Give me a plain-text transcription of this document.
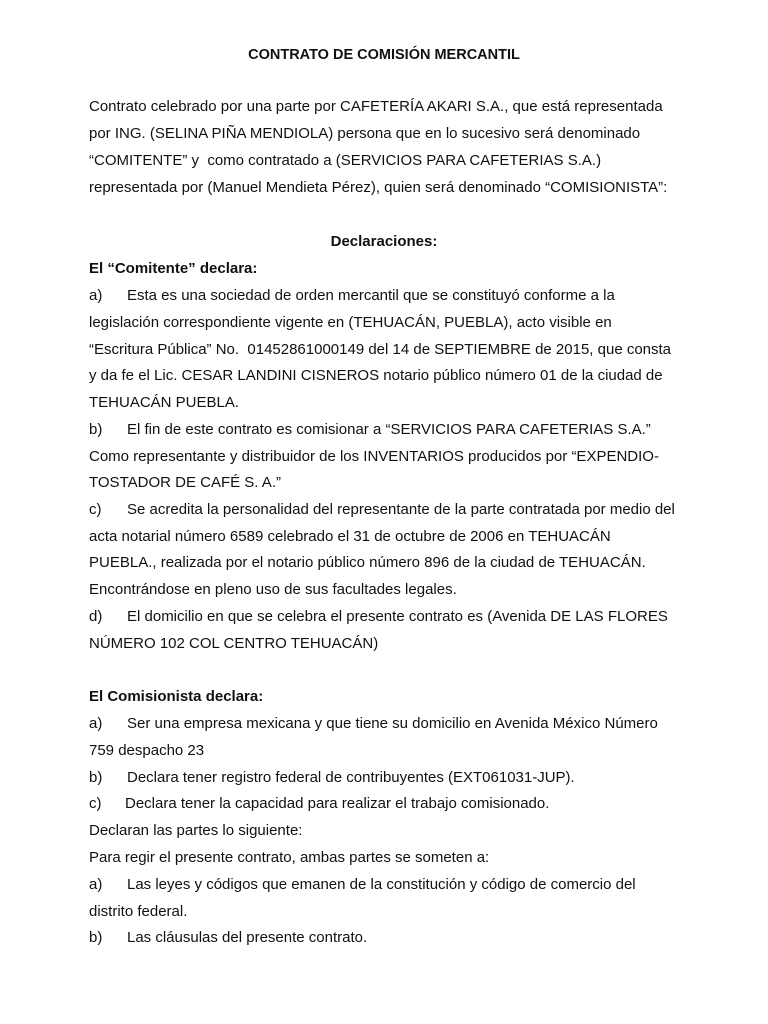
CONTRATO DE COMISIÓN MERCANTIL
Contrato celebrado por una parte por CAFETERÍA AKARI S.A., que está representada
por ING. (SELINA PIÑA MENDIOLA) persona que en lo sucesivo será denominado
“COMITENTE” y  como contratado a (SERVICIOS PARA CAFETERIAS S.A.)
representada por (Manuel Mendieta Pérez), quien será denominado “COMISIONISTA”:
Declaraciones:
El “Comitente” declara:
a) Esta es una sociedad de orden mercantil que se constituyó conforme a la
legislación correspondiente vigente en (TEHUACÁN, PUEBLA), acto visible en
“Escritura Pública” No.  01452861000149 del 14 de SEPTIEMBRE de 2015, que consta
y da fe el Lic. CESAR LANDINI CISNEROS notario público número 01 de la ciudad de
TEHUACÁN PUEBLA.
b) El fin de este contrato es comisionar a “SERVICIOS PARA CAFETERIAS S.A.”
Como representante y distribuidor de los INVENTARIOS producidos por “EXPENDIO-
TOSTADOR DE CAFÉ S. A.”
c) Se acredita la personalidad del representante de la parte contratada por medio del
acta notarial número 6589 celebrado el 31 de octubre de 2006 en TEHUACÁN
PUEBLA., realizada por el notario público número 896 de la ciudad de TEHUACÁN.
Encontrándose en pleno uso de sus facultades legales.
d) El domicilio en que se celebra el presente contrato es (Avenida DE LAS FLORES
NÚMERO 102 COL CENTRO TEHUACÁN)
El Comisionista declara:
a) Ser una empresa mexicana y que tiene su domicilio en Avenida México Número
759 despacho 23
b) Declara tener registro federal de contribuyentes (EXT061031-JUP).
c) Declara tener la capacidad para realizar el trabajo comisionado.
Declaran las partes lo siguiente:
Para regir el presente contrato, ambas partes se someten a:
a) Las leyes y códigos que emanen de la constitución y código de comercio del
distrito federal.
b) Las cláusulas del presente contrato.
